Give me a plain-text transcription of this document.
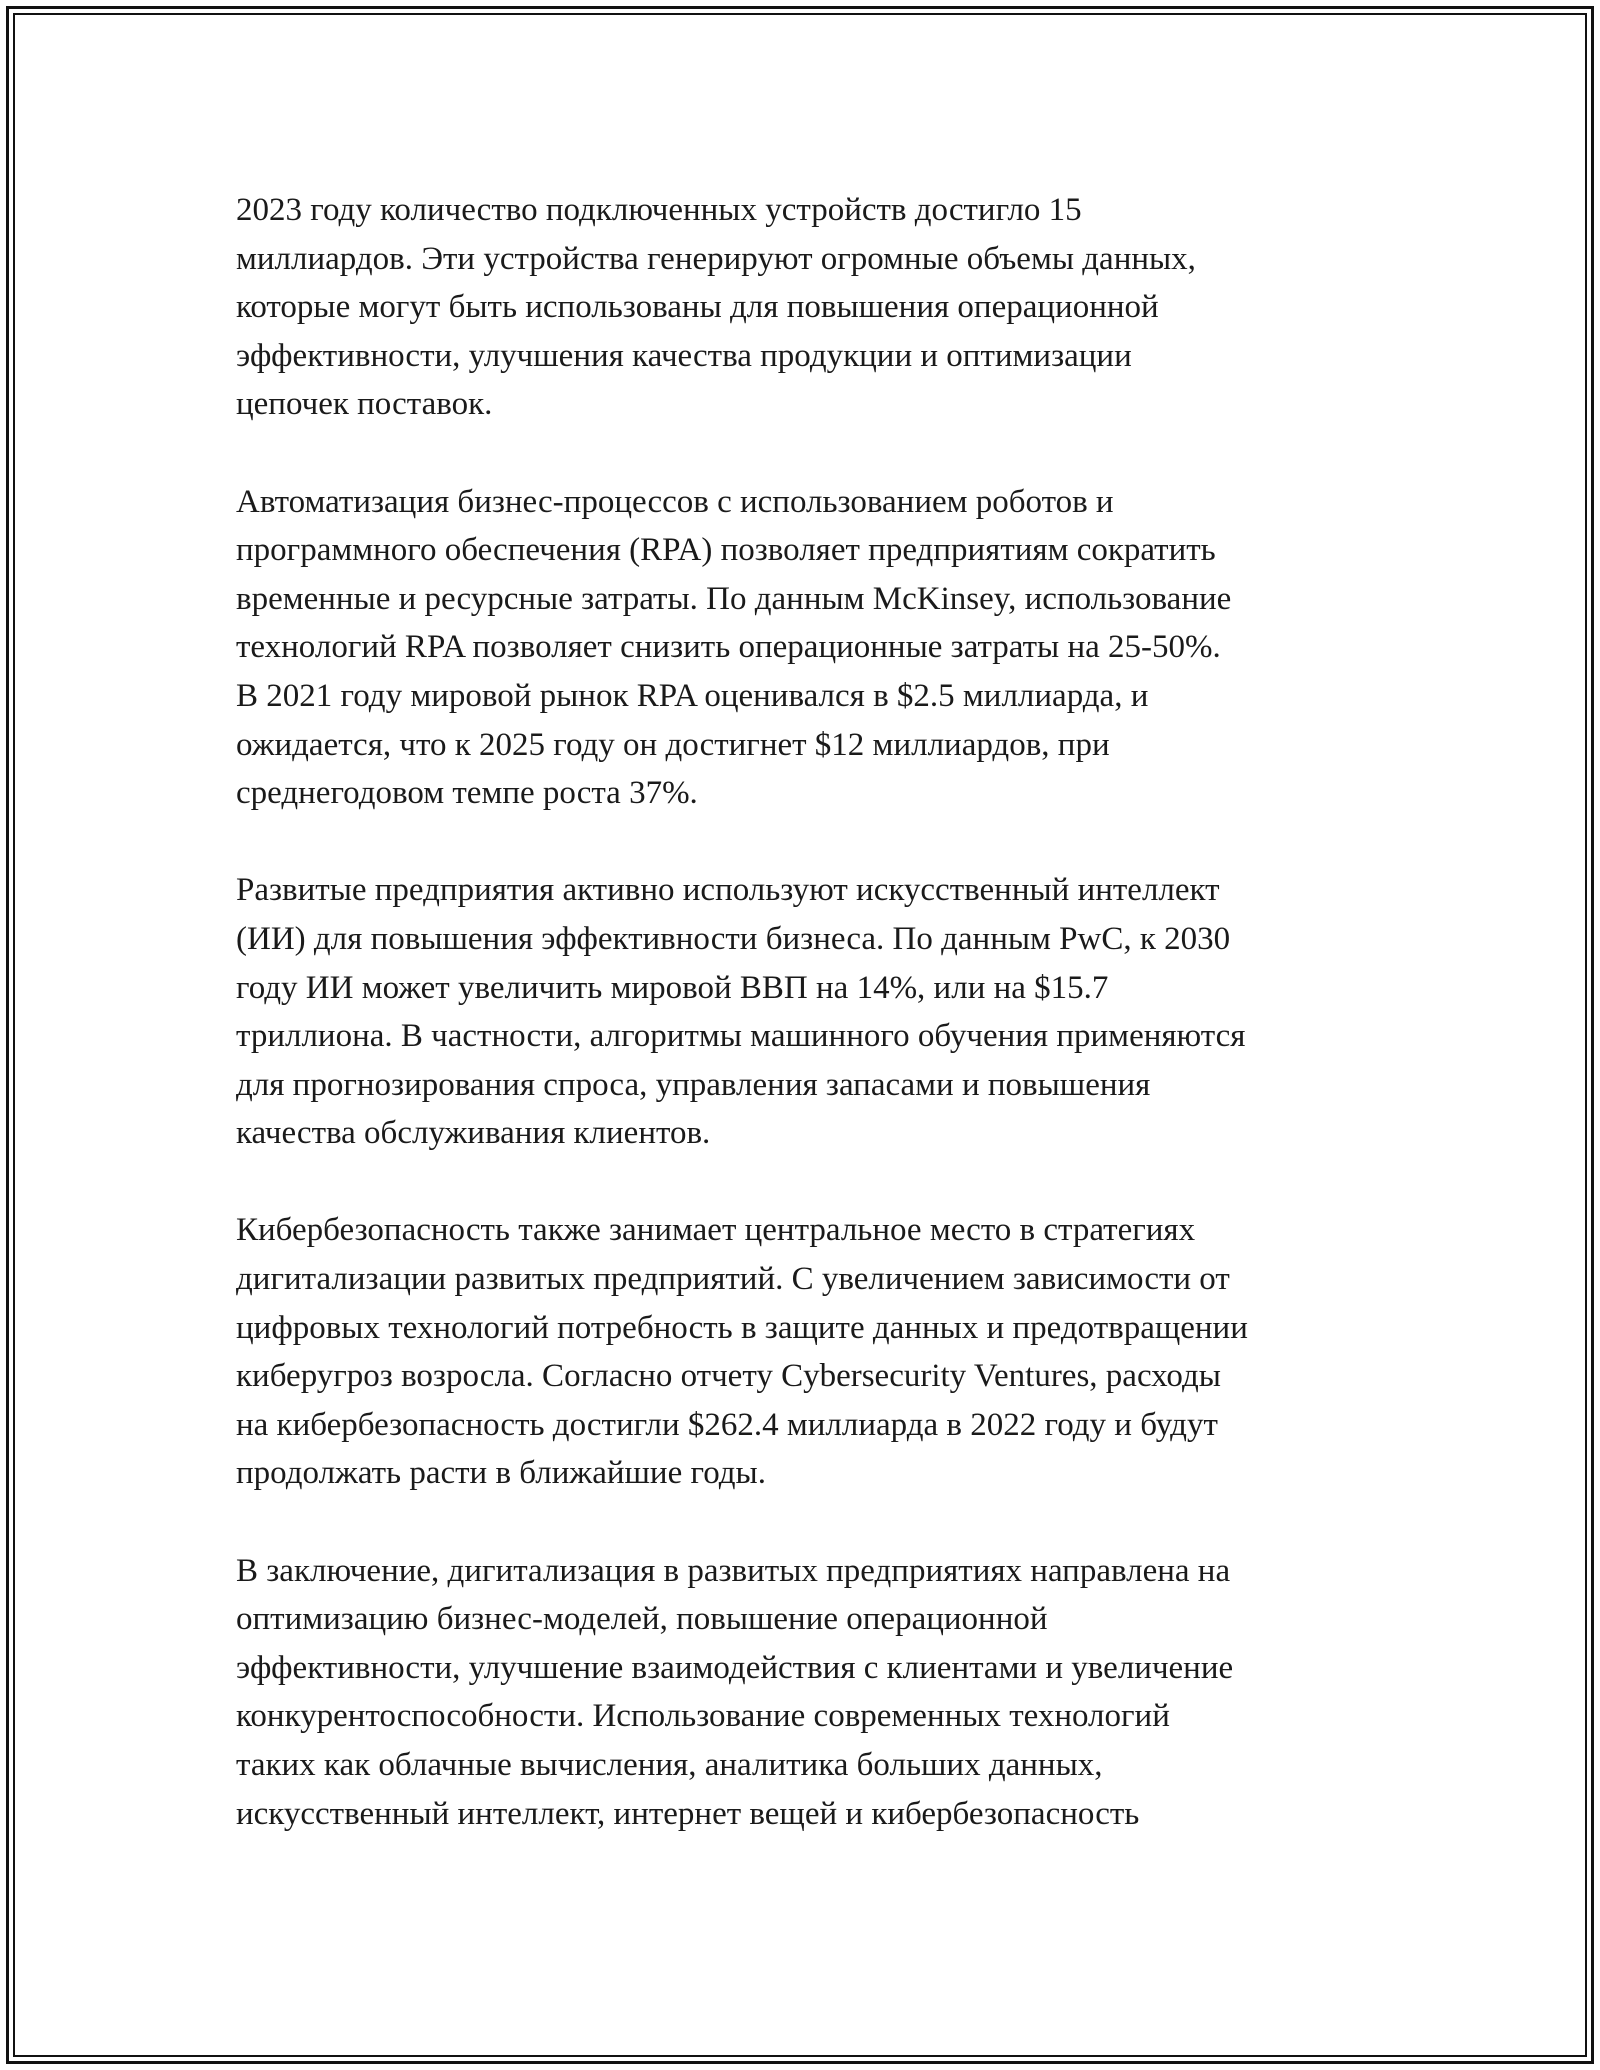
2023 году количество подключенных устройств достигло 15
миллиардов. Эти устройства генерируют огромные объемы данных,
которые могут быть использованы для повышения операционной
эффективности, улучшения качества продукции и оптимизации
цепочек поставок.

Автоматизация бизнес-процессов с использованием роботов и
программного обеспечения (RPA) позволяет предприятиям сократить
временные и ресурсные затраты. По данным McKinsey, использование
технологий RPA позволяет снизить операционные затраты на 25-50%.
В 2021 году мировой рынок RPA оценивался в $2.5 миллиарда, и
ожидается, что к 2025 году он достигнет $12 миллиардов, при
среднегодовом темпе роста 37%.

Развитые предприятия активно используют искусственный интеллект
(ИИ) для повышения эффективности бизнеса. По данным PwC, к 2030
году ИИ может увеличить мировой ВВП на 14%, или на $15.7
триллиона. В частности, алгоритмы машинного обучения применяются
для прогнозирования спроса, управления запасами и повышения
качества обслуживания клиентов.

Кибербезопасность также занимает центральное место в стратегиях
дигитализации развитых предприятий. С увеличением зависимости от
цифровых технологий потребность в защите данных и предотвращении
киберугроз возросла. Согласно отчету Cybersecurity Ventures, расходы
на кибербезопасность достигли $262.4 миллиарда в 2022 году и будут
продолжать расти в ближайшие годы.

В заключение, дигитализация в развитых предприятиях направлена на
оптимизацию бизнес-моделей, повышение операционной
эффективности, улучшение взаимодействия с клиентами и увеличение
конкурентоспособности. Использование современных технологий
таких как облачные вычисления, аналитика больших данных,
искусственный интеллект, интернет вещей и кибербезопасность
